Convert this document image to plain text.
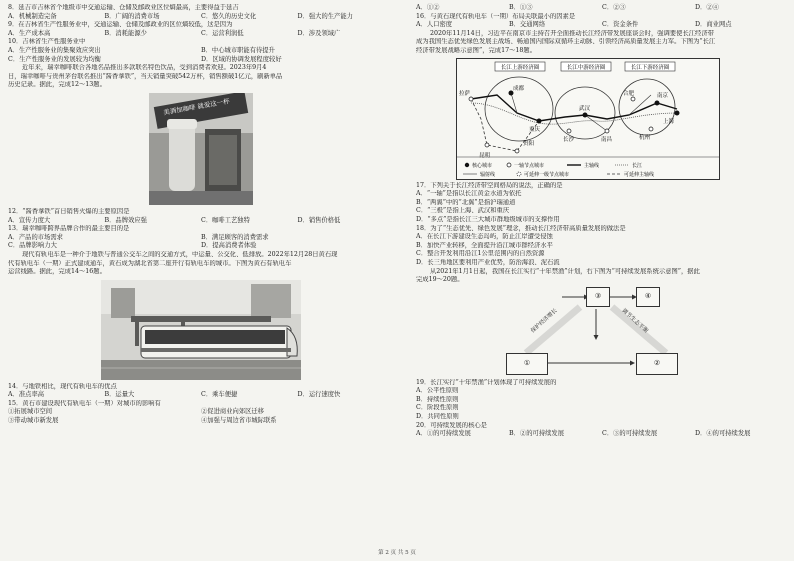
8．延吉市吉林省个地级市中交通运输、仓储及邮政业区位熵最高，主要得益于延吉
A．机械制造完备	B．广阔的消费市场	C．悠久的历史文化	D．强大的生产能力
9．在吉林省生产性服务业中，交通运输、仓储及邮政业的区位熵较低，这是因为
A．生产成本高	B．消耗能源少	C．运营利润低	D．涉及领域广
10．吉林省生产性服务业中
A．生产性服务业的集聚效应突出	B．中心城市职能有待提升
C．生产性服务业的发展较为均衡	D．区域的协调发展程度较好
近年来，瑞幸咖啡联合各地名品推出多款联名特色饮品，受到消费者欢迎。2023年9月4
日，瑞幸咖啡与贵州茅台联名推出“酱香拿铁”，当天销量突破542万杯，销售额破1亿元，刷新单品
历史记录。据此，完成12～13题。
美酒加咖啡 就爱这一杯
12．“酱香拿铁”首日销售火爆的主要原因是
A．宣传力度大	B．品牌效应强	C．咖啡工艺独特	D．销售价格低
13．瑞幸咖啡跨界品牌合作的最主要目的是
A．产品的市场需求	B．满足顾客的消费需求
C．品牌影响力大	D．提高消费者体验
现代有轨电车是一种介于地铁与普通公交车之间的交通方式，中运量、公交化、低排放。2022年12月28日黄石现
代有轨电车（一期）正式建成通车，黄石成为湖北省第二座开行有轨电车的城市。下图为黄石有轨电车
运营线路。据此，完成14～16题。
14．与地铁相比，现代有轨电车的优点
A．准点率高	B．运量大	C．乘车便捷	D．运行速度快
15．黄石市建设现代有轨电车（一期）对城市的影响有
①拓展城市空间	②促进商业向郊区迁移
③带动城市新发展	④加强与周边省市城际联系
A．①②	B．①③	C．②③	D．②④
16．与黄石现代有轨电车（一期）布局关联最小的因素是
A．人口密度	B．交通网络	C．资金条件	D．商业网点
2020年11月14日，习近平在南京市主持召开全面推动长江经济带发展座谈会时，强调要使长江经济带
成为我国生态优先绿色发展主战场、畅通国内国际双循环主动脉、引领经济高质量发展主力军。下图为“长江
经济带发展战略示意图”，完成17～18题。
长江上游经济圈	长江中游经济圈	长江下游经济圈
成都
重庆
拉萨
贵阳
昆明
武汉
长沙	南昌
合肥	南京
上海
杭州
核心城市	一轴节点城市	主轴线	长江
辐射线	可延伸一级节点城市	可延伸主轴线
17．下列关于长江经济带空间格局的说法，正确的是
A．“一轴”是指以长江黄金水道为依托
B．“两翼”中的“北翼”是指沪瑞通道
C．“三极”是指上海、武汉和重庆
D．“多点”是指长江三大城市群地级城市的支撑作用
18．为了“生态优先、绿色发展”理念，推动长江经济带高质量发展的做法是
A．在长江下游建设生态岛屿，防止江岸遭受侵蚀
B．加快产业转移，全面提升沿江城市群经济水平
C．整合开发利用沿江1公里范围内的自然资源
D．长三角地区要利用产业优势，防治海浪、泥石流
从2021年1月1日起，我国在长江实行“十年禁渔”计划，右下图为“可持续发展系统示意图”，据此
完成19～20题。
③	④
①	②
保护经济增长	调节生态平衡
19．长江实行“十年禁渔”计划体现了可持续发展的
A．公平性原则
B．持续性原则
C．阶段性原则
D．共同性原则
20．可持续发展的核心是
A．①的可持续发展	B．②的可持续发展	C．③的可持续发展	D．④的可持续发展
第 2 页 共 5 页
